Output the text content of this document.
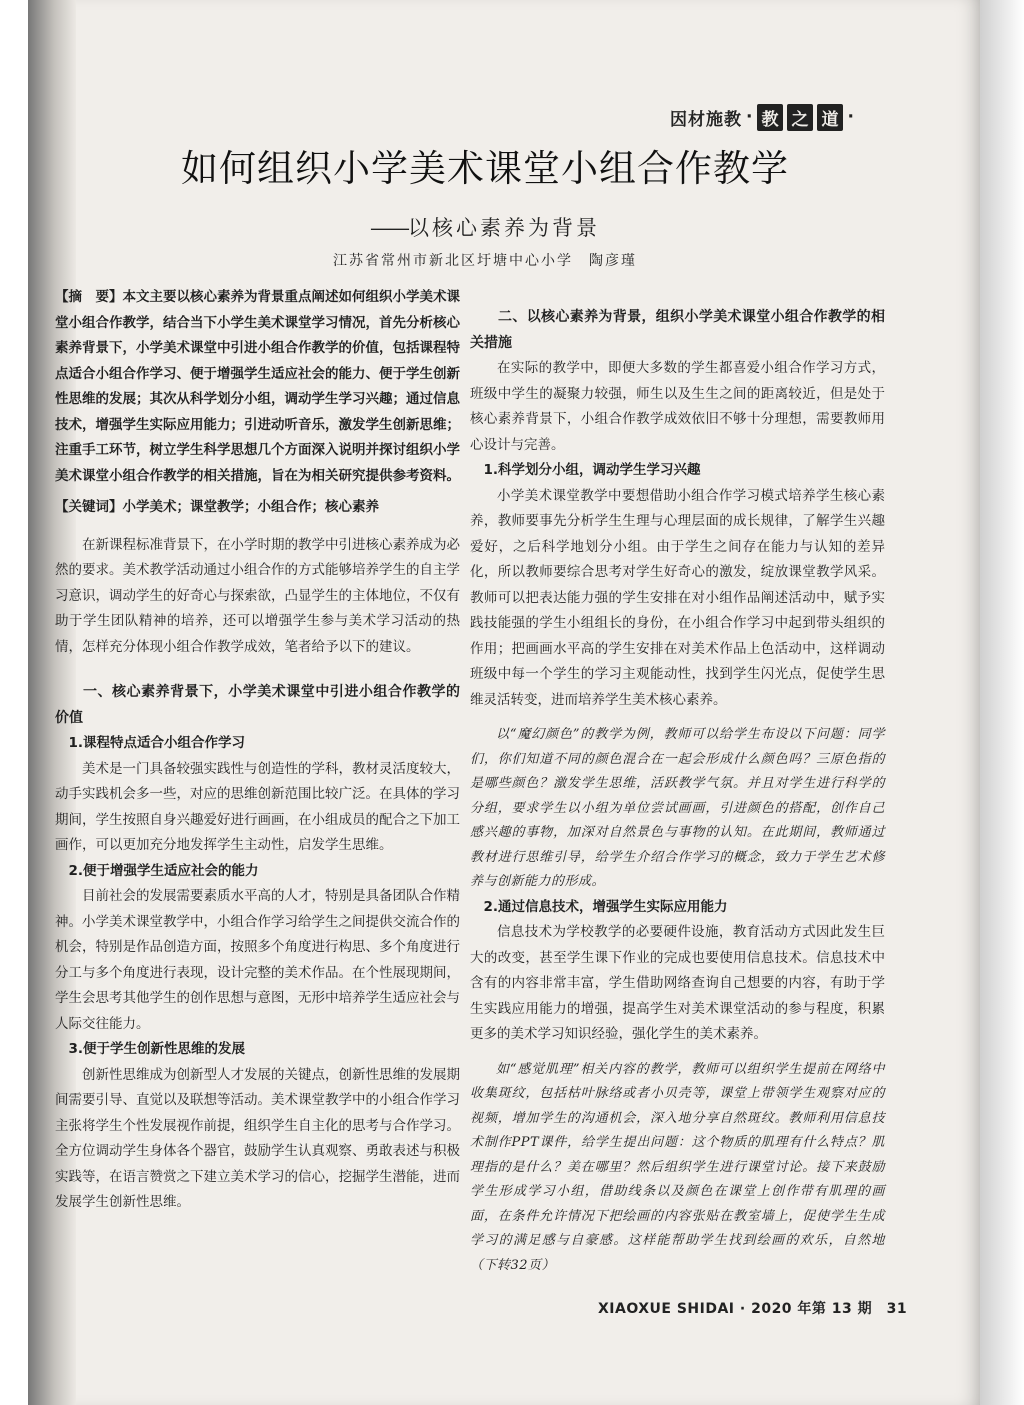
因材施教 · 教 之 道 ·
如何组织小学美术课堂小组合作教学
——以核心素养为背景
江苏省常州市新北区圩塘中心小学　陶彦瑾

【摘　要】本文主要以核心素养为背景重点阐述如何组织小学美术课堂小组合作教学，结合当下小学生美术课堂学习情况，首先分析核心素养背景下，小学美术课堂中引进小组合作教学的价值，包括课程特点适合小组合作学习、便于增强学生适应社会的能力、便于学生创新性思维的发展；其次从科学划分小组，调动学生学习兴趣；通过信息技术，增强学生实际应用能力；引进动听音乐，激发学生创新思维；注重手工环节，树立学生科学思想几个方面深入说明并探讨组织小学美术课堂小组合作教学的相关措施，旨在为相关研究提供参考资料。

【关键词】小学美术；课堂教学；小组合作；核心素养

在新课程标准背景下，在小学时期的教学中引进核心素养成为必然的要求。美术教学活动通过小组合作的方式能够培养学生的自主学习意识，调动学生的好奇心与探索欲，凸显学生的主体地位，不仅有助于学生团队精神的培养，还可以增强学生参与美术学习活动的热情，怎样充分体现小组合作教学成效，笔者给予以下的建议。

一、核心素养背景下，小学美术课堂中引进小组合作教学的价值

1.课程特点适合小组合作学习

美术是一门具备较强实践性与创造性的学科，教材灵活度较大，动手实践机会多一些，对应的思维创新范围比较广泛。在具体的学习期间，学生按照自身兴趣爱好进行画画，在小组成员的配合之下加工画作，可以更加充分地发挥学生主动性，启发学生思维。

2.便于增强学生适应社会的能力

目前社会的发展需要素质水平高的人才，特别是具备团队合作精神。小学美术课堂教学中，小组合作学习给学生之间提供交流合作的机会，特别是作品创造方面，按照多个角度进行构思、多个角度进行分工与多个角度进行表现，设计完整的美术作品。在个性展现期间，学生会思考其他学生的创作思想与意图，无形中培养学生适应社会与人际交往能力。

3.便于学生创新性思维的发展

创新性思维成为创新型人才发展的关键点，创新性思维的发展期间需要引导、直觉以及联想等活动。美术课堂教学中的小组合作学习主张将学生个性发展视作前提，组织学生自主化的思考与合作学习。全方位调动学生身体各个器官，鼓励学生认真观察、勇敢表述与积极实践等，在语言赞赏之下建立美术学习的信心，挖掘学生潜能，进而发展学生创新性思维。

二、以核心素养为背景，组织小学美术课堂小组合作教学的相关措施

在实际的教学中，即便大多数的学生都喜爱小组合作学习方式，班级中学生的凝聚力较强，师生以及生生之间的距离较近，但是处于核心素养背景下，小组合作教学成效依旧不够十分理想，需要教师用心设计与完善。

1.科学划分小组，调动学生学习兴趣

小学美术课堂教学中要想借助小组合作学习模式培养学生核心素养，教师要事先分析学生生理与心理层面的成长规律，了解学生兴趣爱好，之后科学地划分小组。由于学生之间存在能力与认知的差异化，所以教师要综合思考对学生好奇心的激发，绽放课堂教学风采。教师可以把表达能力强的学生安排在对小组作品阐述活动中，赋予实践技能强的学生小组组长的身份，在小组合作学习中起到带头组织的作用；把画画水平高的学生安排在对美术作品上色活动中，这样调动班级中每一个学生的学习主观能动性，找到学生闪光点，促使学生思维灵活转变，进而培养学生美术核心素养。

以“魔幻颜色”的教学为例，教师可以给学生布设以下问题：同学们，你们知道不同的颜色混合在一起会形成什么颜色吗？三原色指的是哪些颜色？激发学生思维，活跃教学气氛。并且对学生进行科学的分组，要求学生以小组为单位尝试画画，引进颜色的搭配，创作自己感兴趣的事物，加深对自然景色与事物的认知。在此期间，教师通过教材进行思维引导，给学生介绍合作学习的概念，致力于学生艺术修养与创新能力的形成。

2.通过信息技术，增强学生实际应用能力

信息技术为学校教学的必要硬件设施，教育活动方式因此发生巨大的改变，甚至学生课下作业的完成也要使用信息技术。信息技术中含有的内容非常丰富，学生借助网络查询自己想要的内容，有助于学生实践应用能力的增强，提高学生对美术课堂活动的参与程度，积累更多的美术学习知识经验，强化学生的美术素养。

如“感觉肌理”相关内容的教学，教师可以组织学生提前在网络中收集斑纹，包括枯叶脉络或者小贝壳等，课堂上带领学生观察对应的视频，增加学生的沟通机会，深入地分享自然斑纹。教师利用信息技术制作PPT课件，给学生提出问题：这个物质的肌理有什么特点？肌理指的是什么？美在哪里？然后组织学生进行课堂讨论。接下来鼓励学生形成学习小组，借助线条以及颜色在课堂上创作带有肌理的画面，在条件允许情况下把绘画的内容张贴在教室墙上，促使学生生成学习的满足感与自豪感。这样能帮助学生找到绘画的欢乐，自然地（下转32页）

XIAOXUE SHIDAI · 2020 年第 13 期　31
